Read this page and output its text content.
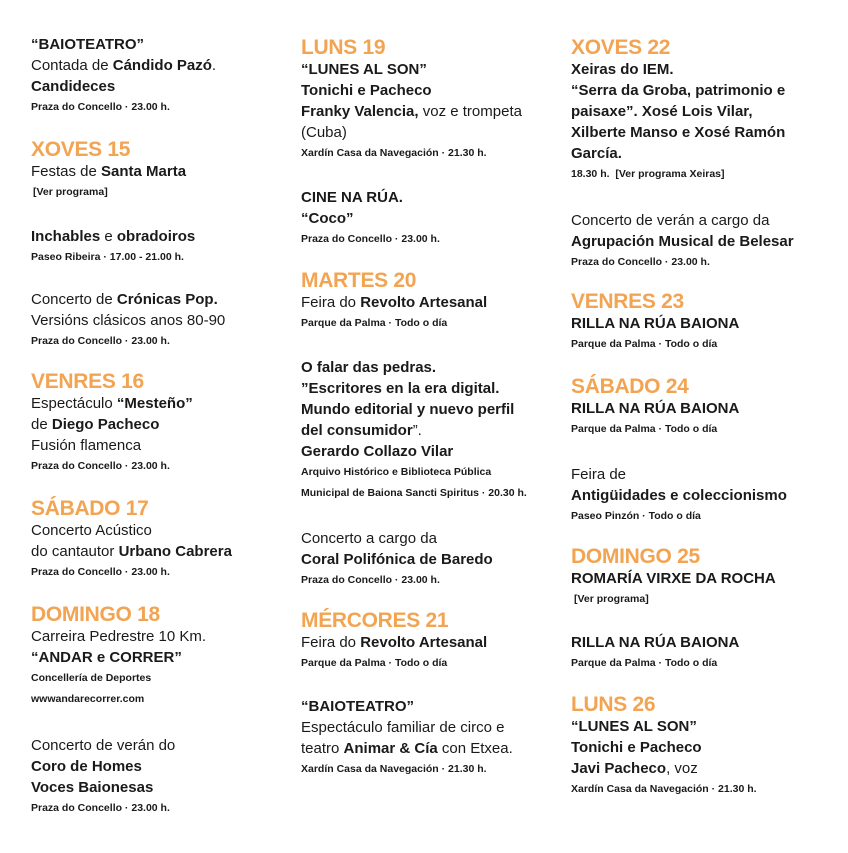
“BAIOTEATRO”
Contada de Cándido Pazó.
Candideces
Praza do Concello · 23.00 h.
XOVES 15
Festas de Santa Marta
[Ver programa]
Inchables e obradoiros
Paseo Ribeira · 17.00 - 21.00 h.
Concerto de Crónicas Pop.
Versións clásicos anos 80-90
Praza do Concello · 23.00 h.
VENRES 16
Espectáculo “Mesteño”
de Diego Pacheco
Fusión flamenca
Praza do Concello · 23.00 h.
SÁBADO 17
Concerto Acústico
do cantautor Urbano Cabrera
Praza do Concello · 23.00 h.
DOMINGO 18
Carreira Pedrestre 10 Km.
“ANDAR e CORRER”
Concellería de Deportes
wwwandarecorrer.com
Concerto de verán do
Coro de Homes
Voces Baionesas
Praza do Concello · 23.00 h.
LUNS 19
“LUNES AL SON”
Tonichi e Pacheco
Franky Valencia, voz e trompeta
(Cuba)
Xardín Casa da Navegación · 21.30 h.
CINE NA RÚA.
“Coco”
Praza do Concello · 23.00 h.
MARTES 20
Feira do Revolto Artesanal
Parque da Palma · Todo o día
O falar das pedras.
”Escritores en la era digital.
Mundo editorial y nuevo perfil
del consumidor”.
Gerardo Collazo Vilar
Arquivo Histórico e Biblioteca Pública
Municipal de Baiona Sancti Spiritus · 20.30 h.
Concerto a cargo da
Coral Polifónica de Baredo
Praza do Concello · 23.00 h.
MÉRCORES 21
Feira do Revolto Artesanal
Parque da Palma · Todo o día
“BAIOTEATRO”
Espectáculo familiar de circo e
teatro Animar & Cía con Etxea.
Xardín Casa da Navegación · 21.30 h.
XOVES 22
Xeiras do IEM.
“Serra da Groba, patrimonio e
paisaxe”. Xosé Lois Vilar,
Xilberte Manso e Xosé Ramón
García.
18.30 h. [Ver programa Xeiras]
Concerto de verán a cargo da
Agrupación Musical de Belesar
Praza do Concello · 23.00 h.
VENRES 23
RILLA NA RÚA BAIONA
Parque da Palma · Todo o día
SÁBADO 24
RILLA NA RÚA BAIONA
Parque da Palma · Todo o día
Feira de
Antigüidades e coleccionismo
Paseo Pinzón · Todo o día
DOMINGO 25
ROMARÍA VIRXE DA ROCHA
[Ver programa]
RILLA NA RÚA BAIONA
Parque da Palma · Todo o día
LUNS 26
“LUNES AL SON”
Tonichi e Pacheco
Javi Pacheco, voz
Xardín Casa da Navegación · 21.30 h.
